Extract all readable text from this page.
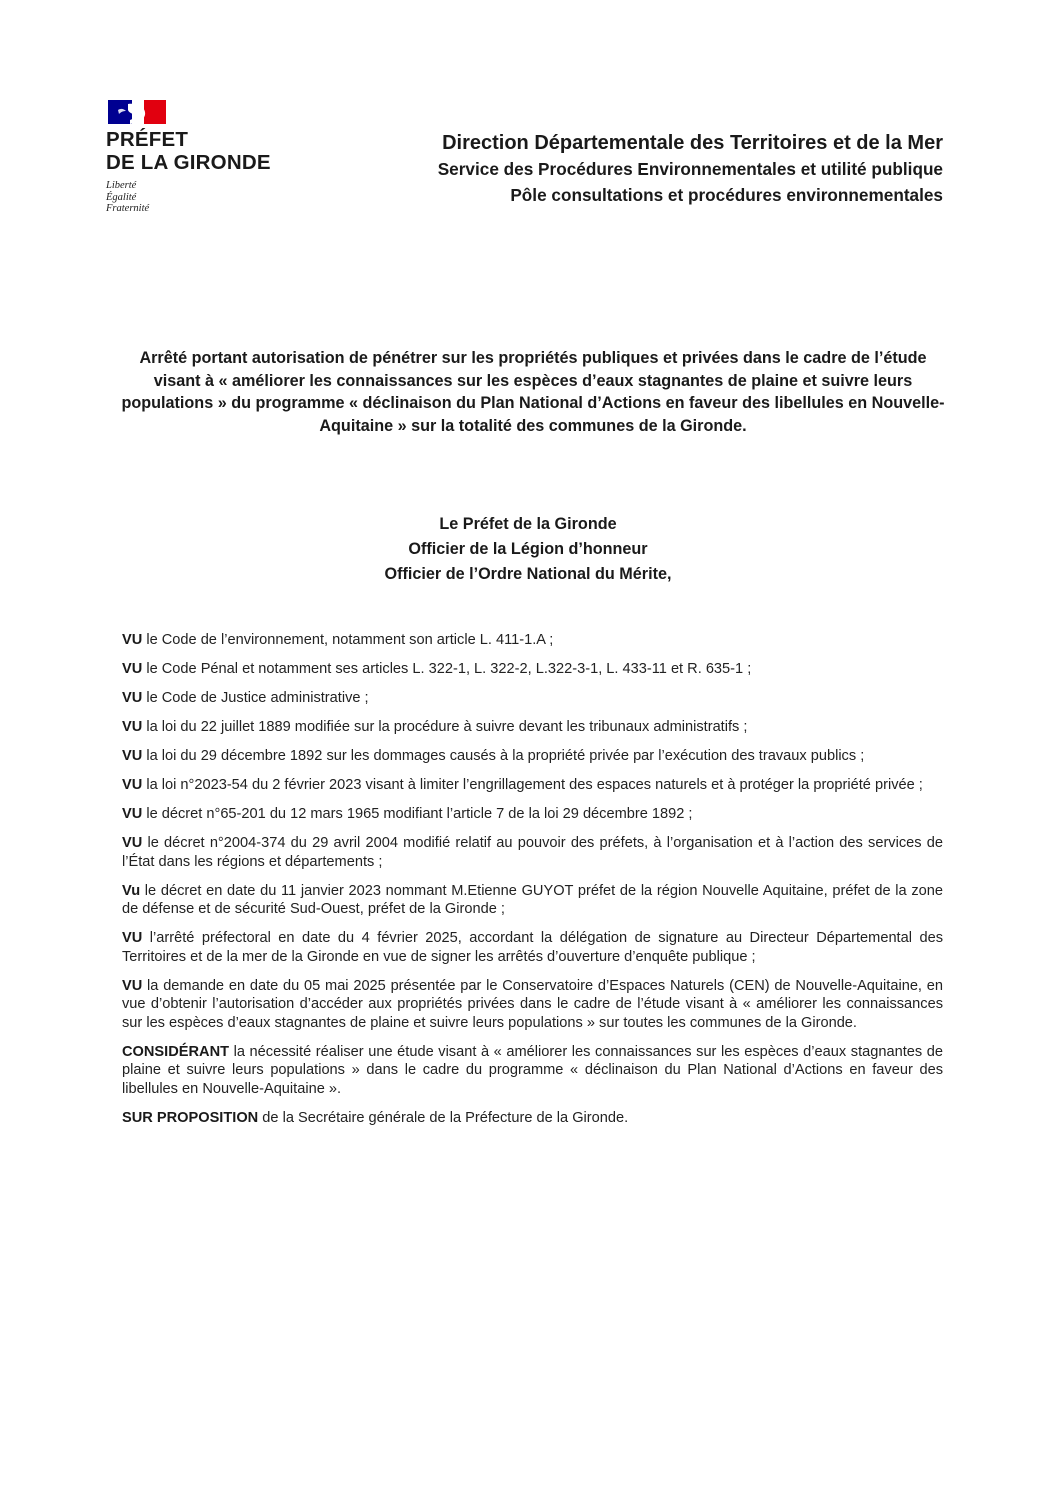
PRÉFET
DE LA GIRONDE
Liberté
Égalité
Fraternité
Direction Départementale des Territoires et de la Mer
Service des Procédures Environnementales et utilité publique
Pôle consultations et procédures environnementales

Arrêté portant autorisation de pénétrer sur les propriétés publiques et privées dans le cadre de l’étude visant à « améliorer les connaissances sur les espèces d’eaux stagnantes de plaine et suivre leurs populations » du programme « déclinaison du Plan National d’Actions en faveur des libellules en Nouvelle-Aquitaine » sur la totalité des communes de la Gironde.

Le Préfet de la Gironde
Officier de la Légion d’honneur
Officier de l’Ordre National du Mérite,
VU le Code de l’environnement, notamment son article L. 411-1.A ;
VU le Code Pénal et notamment ses articles L. 322-1, L. 322-2, L.322-3-1, L. 433-11 et R. 635-1 ;
VU le Code de Justice administrative ;
VU la loi du 22 juillet 1889 modifiée sur la procédure à suivre devant les tribunaux administratifs ;
VU la loi du 29 décembre 1892 sur les dommages causés à la propriété privée par l’exécution des travaux publics ;
VU la loi n°2023-54 du 2 février 2023 visant à limiter l’engrillagement des espaces naturels et à protéger la propriété privée ;
VU le décret n°65-201 du 12 mars 1965 modifiant l’article 7 de la loi 29 décembre 1892 ;
VU le décret n°2004-374 du 29 avril 2004 modifié relatif au pouvoir des préfets, à l’organisation et à l’action des services de l’État dans les régions et départements ;
Vu le décret en date du 11 janvier 2023 nommant M.Etienne GUYOT préfet de la région Nouvelle Aquitaine, préfet de la zone de défense et de sécurité Sud-Ouest, préfet de la Gironde ;
VU l’arrêté préfectoral en date du 4 février 2025, accordant la délégation de signature au Directeur Départemental des Territoires et de la mer de la Gironde en vue de signer les arrêtés d’ouverture d’enquête publique ;
VU la demande en date du 05 mai 2025 présentée par le Conservatoire d’Espaces Naturels (CEN) de Nouvelle-Aquitaine, en vue d’obtenir l’autorisation d’accéder aux propriétés privées dans le cadre de l’étude visant à « améliorer les connaissances sur les espèces d’eaux stagnantes de plaine et suivre leurs populations » sur toutes les communes de la Gironde.
CONSIDÉRANT la nécessité réaliser une étude visant à « améliorer les connaissances sur les espèces d’eaux stagnantes de plaine et suivre leurs populations » dans le cadre du programme « déclinaison du Plan National d’Actions en faveur des libellules en Nouvelle-Aquitaine ».
SUR PROPOSITION de la Secrétaire générale de la Préfecture de la Gironde.
